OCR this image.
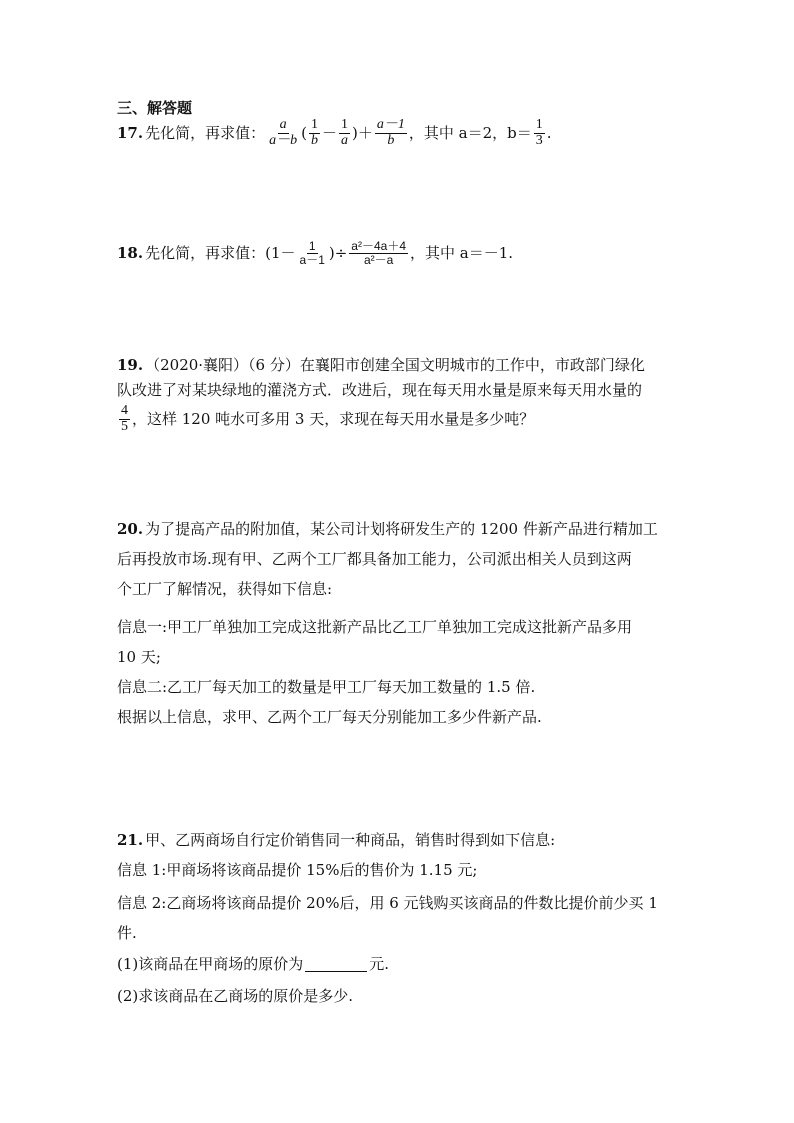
三、解答题
17. 先化简，再求值： $\frac{a}{a-b}$ ( $\frac{1}{b} - \frac{1}{a}$ )＋ $\frac{a-1}{b}$ ，其中 a＝2，$b= \frac{1}{3}$ .
18. 先化简，再求值：($1- \frac{1}{a-1}$ )÷ $\frac{\text{a²－4a＋4}}{\text{a²－a}}$ ，其中 a＝－1.
19. （2020·襄阳）（6 分）在襄阳市创建全国文明城市的工作中，市政部门绿化
队改进了对某块绿地的灌浇方式．改进后，现在每天用水量是原来每天用水量的
$\frac{4}{5}$ ，这样 120 吨水可多用 3 天，求现在每天用水量是多少吨？
20. 为了提高产品的附加值，某公司计划将研发生产的 1200 件新产品进行精加工
后再投放市场.现有甲、乙两个工厂都具备加工能力，公司派出相关人员到这两
个工厂了解情况，获得如下信息:
信息一:甲工厂单独加工完成这批新产品比乙工厂单独加工完成这批新产品多用
10 天;
信息二:乙工厂每天加工的数量是甲工厂每天加工数量的 1.5 倍.
根据以上信息，求甲、乙两个工厂每天分别能加工多少件新产品.
21. 甲、乙两商场自行定价销售同一种商品，销售时得到如下信息:
信息 1:甲商场将该商品提价 15%后的售价为 1.15 元;
信息 2:乙商场将该商品提价 20%后，用 6 元钱购买该商品的件数比提价前少买 1
件.
(1)该商品在甲商场的原价为	元.
(2)求该商品在乙商场的原价是多少.
